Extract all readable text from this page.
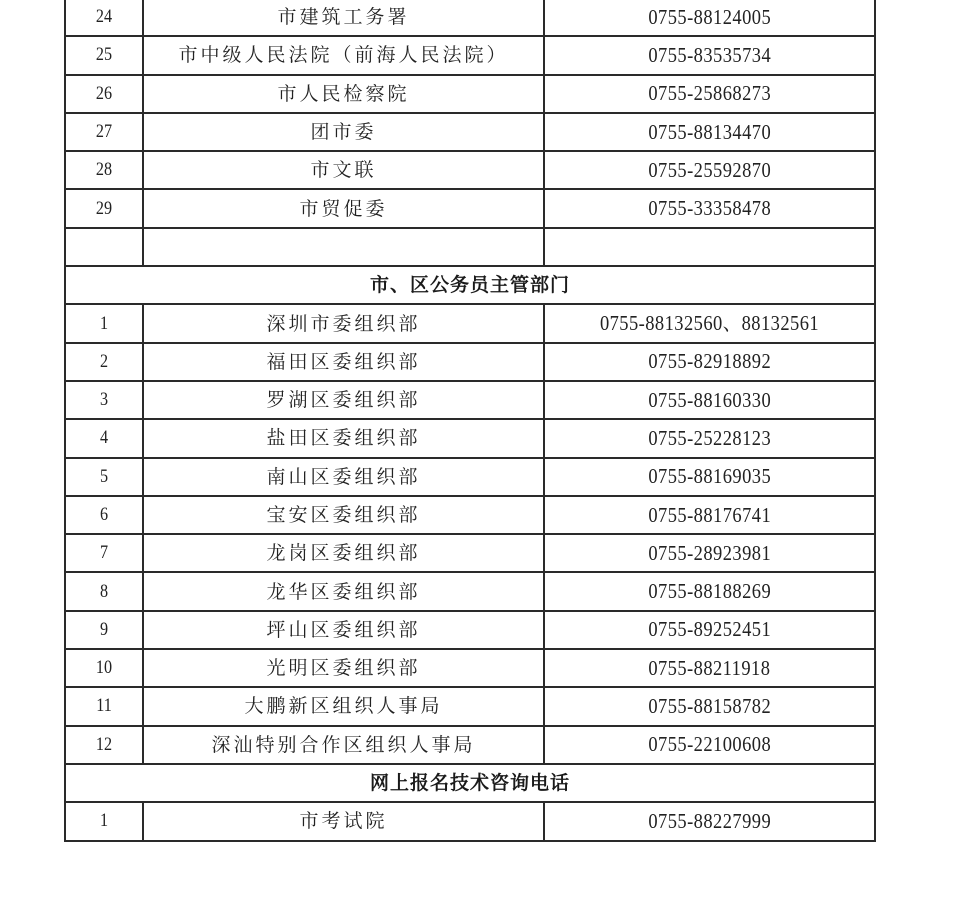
24	市建筑工务署	0755-88124005
25	市中级人民法院（前海人民法院）	0755-83535734
26	市人民检察院	0755-25868273
27	团市委	0755-88134470
28	市文联	0755-25592870
29	市贸促委	0755-33358478

市、区公务员主管部门		
1	深圳市委组织部	0755-88132560、88132561
2	福田区委组织部	0755-82918892
3	罗湖区委组织部	0755-88160330
4	盐田区委组织部	0755-25228123
5	南山区委组织部	0755-88169035
6	宝安区委组织部	0755-88176741
7	龙岗区委组织部	0755-28923981
8	龙华区委组织部	0755-88188269
9	坪山区委组织部	0755-89252451
10	光明区委组织部	0755-88211918
11	大鹏新区组织人事局	0755-88158782
12	深汕特别合作区组织人事局	0755-22100608
网上报名技术咨询电话		
1	市考试院	0755-88227999
